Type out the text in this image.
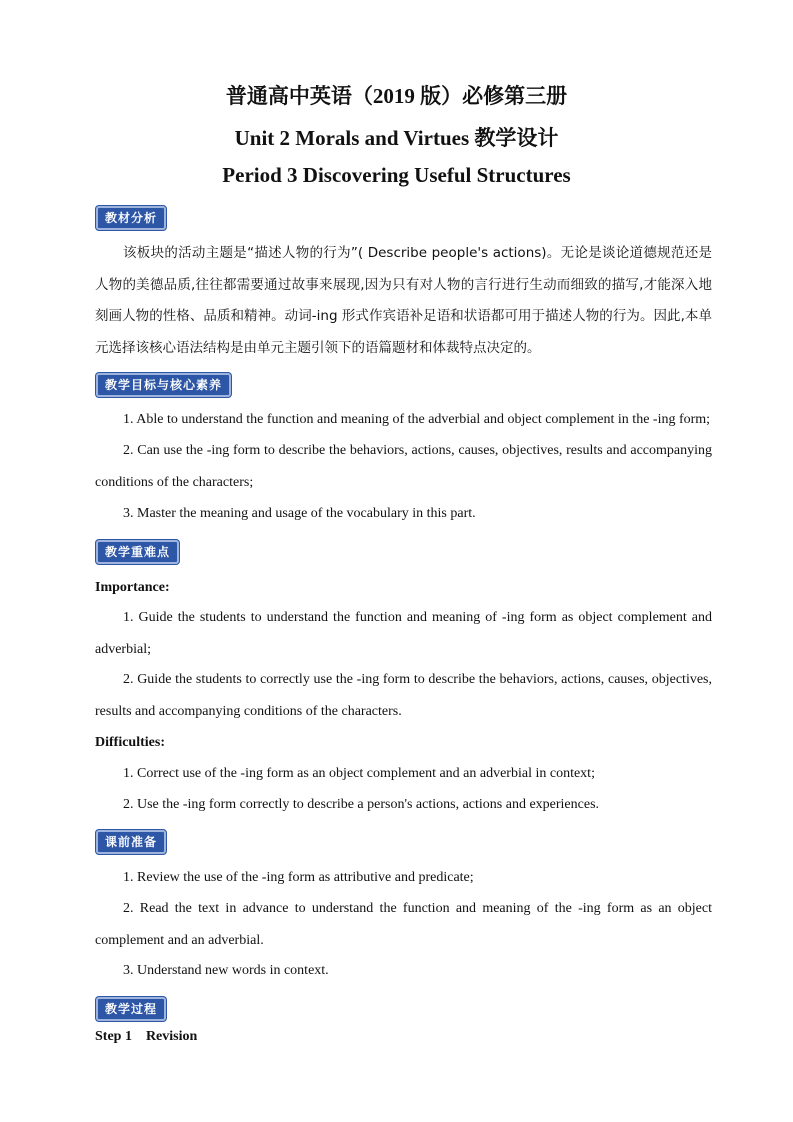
普通高中英语（2019 版）必修第三册
Unit 2 Morals and Virtues 教学设计
Period 3 Discovering Useful Structures
教材分析
该板块的活动主题是“描述人物的行为”( Describe people's actions)。无论是谈论道德规范还是人物的美德品质,往往都需要通过故事来展现,因为只有对人物的言行进行生动而细致的描写,才能深入地刻画人物的性格、品质和精神。动词-ing 形式作宾语补足语和状语都可用于描述人物的行为。因此,本单元选择该核心语法结构是由单元主题引领下的语篇题材和体裁特点决定的。
教学目标与核心素养
1. Able to understand the function and meaning of the adverbial and object complement in the -ing form;
2. Can use the -ing form to describe the behaviors, actions, causes, objectives, results and accompanying conditions of the characters;
3. Master the meaning and usage of the vocabulary in this part.
教学重难点
Importance:
1. Guide the students to understand the function and meaning of -ing form as object complement and adverbial;
2. Guide the students to correctly use the -ing form to describe the behaviors, actions, causes, objectives, results and accompanying conditions of the characters.
Difficulties:
1. Correct use of the -ing form as an object complement and an adverbial in context;
2. Use the -ing form correctly to describe a person's actions, actions and experiences.
课前准备
1. Review the use of the -ing form as attributive and predicate;
2. Read the text in advance to understand the function and meaning of the -ing form as an object complement and an adverbial.
3. Understand new words in context.
教学过程
Step 1    Revision
